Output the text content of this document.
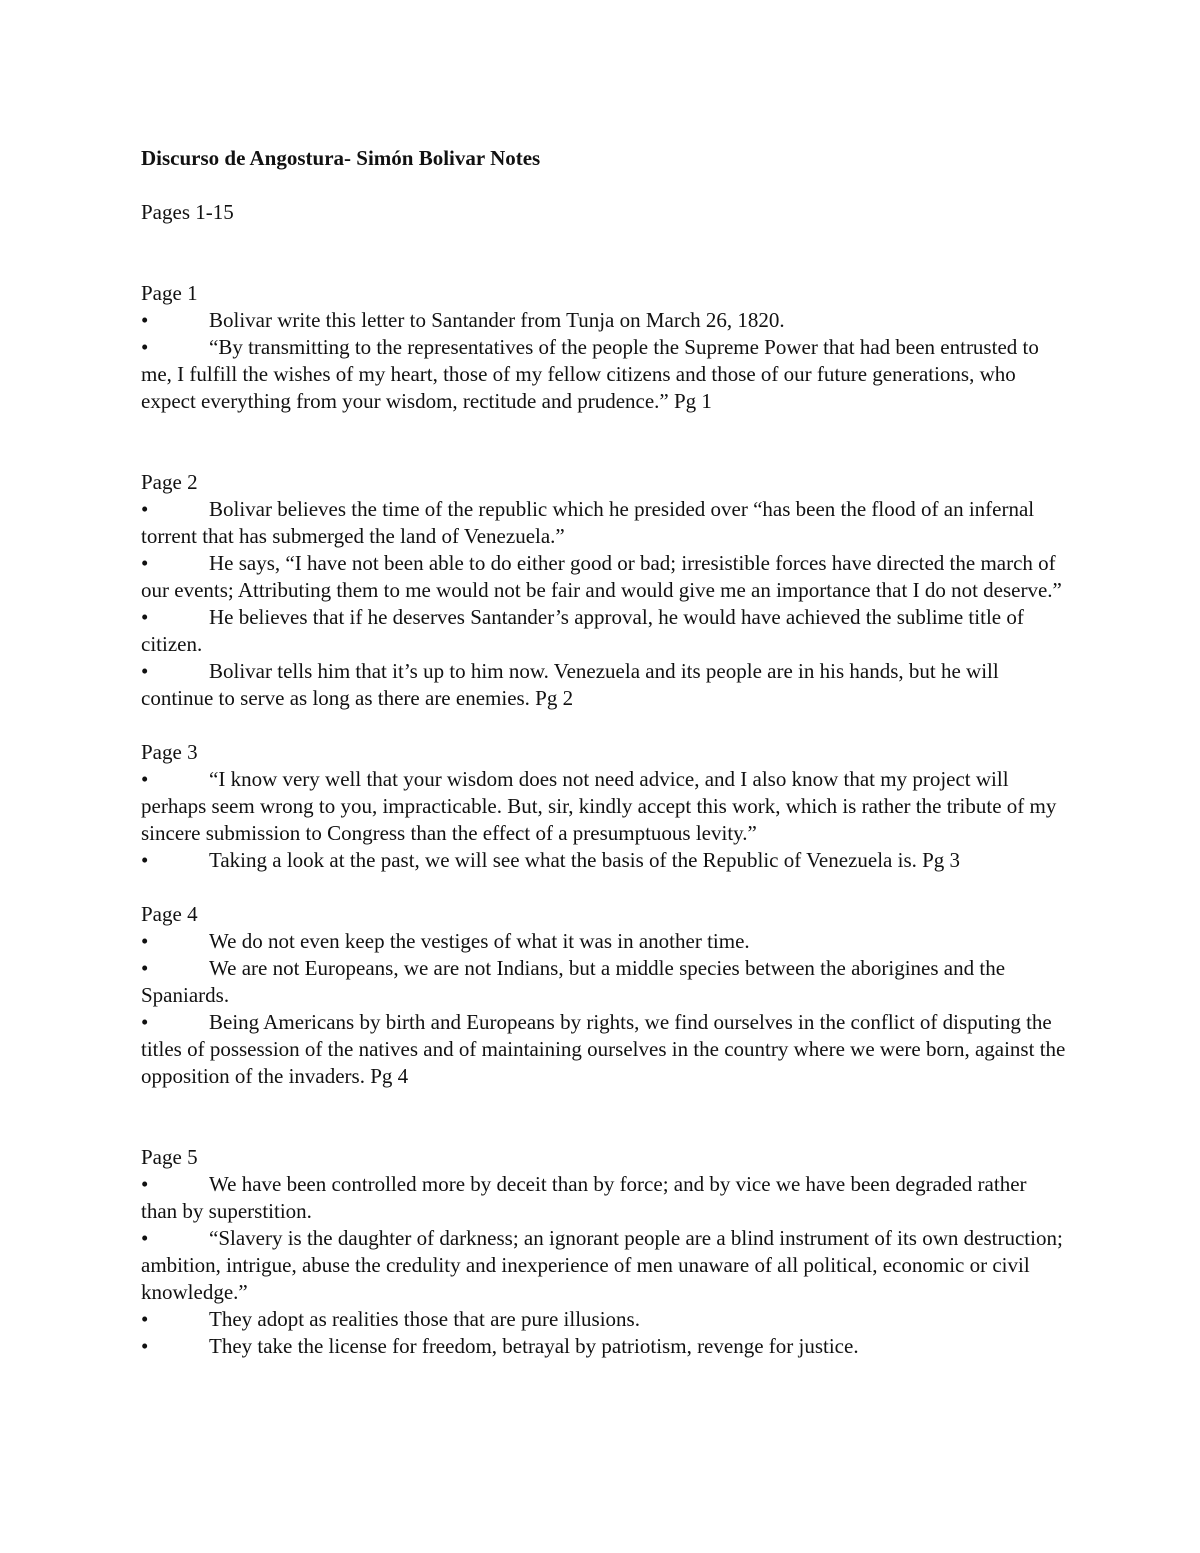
Discurso de Angostura- Simón Bolivar Notes

Pages 1-15

Page 1

•	Bolivar write this letter to Santander from Tunja on March 26, 1820.

•	“By transmitting to the representatives of the people the Supreme Power that had been entrusted to me, I fulfill the wishes of my heart, those of my fellow citizens and those of our future generations, who expect everything from your wisdom, rectitude and prudence.” Pg 1

Page 2

•	Bolivar believes the time of the republic which he presided over “has been the flood of an infernal torrent that has submerged the land of Venezuela.”

•	He says, “I have not been able to do either good or bad; irresistible forces have directed the march of our events; Attributing them to me would not be fair and would give me an importance that I do not deserve.”

•	He believes that if he deserves Santander’s approval, he would have achieved the sublime title of citizen.

•	Bolivar tells him that it’s up to him now. Venezuela and its people are in his hands, but he will continue to serve as long as there are enemies. Pg 2

Page 3

•	“I know very well that your wisdom does not need advice, and I also know that my project will perhaps seem wrong to you, impracticable. But, sir, kindly accept this work, which is rather the tribute of my sincere submission to Congress than the effect of a presumptuous levity.”

•	Taking a look at the past, we will see what the basis of the Republic of Venezuela is. Pg 3

Page 4

•	We do not even keep the vestiges of what it was in another time.

•	We are not Europeans, we are not Indians, but a middle species between the aborigines and the Spaniards.

•	Being Americans by birth and Europeans by rights, we find ourselves in the conflict of disputing the titles of possession of the natives and of maintaining ourselves in the country where we were born, against the opposition of the invaders. Pg 4

Page 5

•	We have been controlled more by deceit than by force; and by vice we have been degraded rather than by superstition.

•	“Slavery is the daughter of darkness; an ignorant people are a blind instrument of its own destruction; ambition, intrigue, abuse the credulity and inexperience of men unaware of all political, economic or civil knowledge.”

•	They adopt as realities those that are pure illusions.

•	They take the license for freedom, betrayal by patriotism, revenge for justice.
